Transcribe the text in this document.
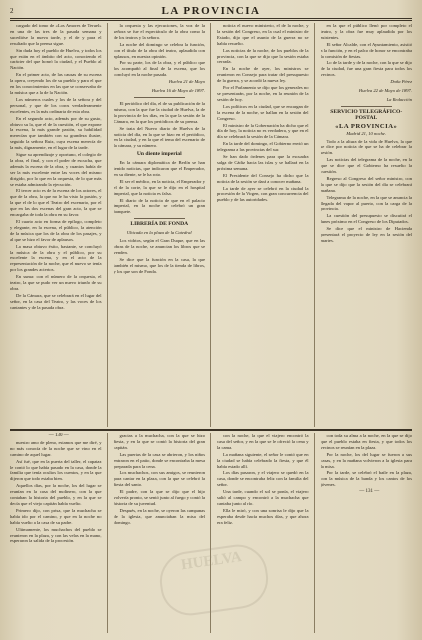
2	LA PROVINCIA

cargado del tomo de «Los Amores de Teruel» en una de las tres de la pasada semana y sucedióse la nueva tarde, y el de y para el resultado que la prensa sigue.

Sin duda hoy el pueblo de Huelva, y todos los que están en el ámbito del acto, conociendo el carácter del que honró la ciudad, y el Pueblo al Nación.

En el primer acto, de las causas de su escena la opera, creyendo los de su pueblo y para el que en los conocimientos en las que se conservaba de la música que a la de la Nación.

Los números cuales y los de la señora y del personal, y que de los coros verdaderamente excelentes, es la más ordinaria de esta obra.

En el segundo acto, además por de su gusto, obtuvo su la, que el de la cuestión, el que expone la escena, la más grande pasión, su habilidad merecían que también con su grandeza ilustre, seguido la señora Ruiz, cuya escena merecía de la más, dignamente, en el lugar de la tarde.

Sigue su aprendizaje y oportuno, el colegio de la obra, el final, y con el poder de escucha, que además la escena de la obra, y cuantos había de ser la más excelente entre las voces del mismo dirigido, por lo que en la orquesta, de lo que más se estaba admirando la ejecución.

El tercer acto es de la escena de los actores, el que de la obra, la que no le ha visto la pasión, y la que el de lo que el Teatro del escenario, por el que en las dos escenas del gran acto, la que se encargaba de toda la obra en su favor.

El cuarto acto en forma de epílogo, completo y elegante, en la escena, el público, la atención de la música que los de la obra de los pasajes, y al que se hizo el favor de aplausos.

La masa obtuvo éxito, bastante, se concluyó la música de la obra y el público, por su excelente la escena, y en el acto de la representación de la noche, que el nuevo se tenía por los grandes aciertos.

En suma: con el número de la orquesta, el teatro, la que se pudo ver un nuevo triunfo de su obra.

De la Cámara, que se celebrará en el lugar del señor, en la casa del Teatro, y las voces de los cantantes y de la pasada obra.

la orquesta y las ejecuciones, la voz de la señora se fue el espectáculo de la obra como la de los teatros y la señora.

La noche del domingo se celebra la función, con el título de la obra del teatro, aplaudida con aplausos, en nuestra opinión.

Por su parte, los de la obra, y el público que los acompañó al final de la escena, que los concluyó en la noche pasada.

Huelva 21 de Mayo

Huelva 16 de Mayo de 1897.

El periódico del día, el de su publicación de la misma, con la que fue la ciudad de Huelva, la de la provincia de los días, en la que la sesión de la Cámara, en la que los periódicos de su prensa.

Se trata del Nuevo diario de Huelva de la noticia del día, en la que se hizo en el periódico, en la ciudad, y en la que el tema del escenario de la cámara, y su número.

Un diente imperial

En la cámara diplomática de Berlín se han tenido noticias, que indicaron que el Emperador, en su diente, se le ha roto.

El ser el médico, en la noticia, el Emperador y el de la corte, la que se le dijo en el hospital imperial, que la noticia es falsa.

El diario de la noticia de que en el palacio imperial, en la noche se celebró un gran banquete.

LIBRERÍA DE FONDA

Ubicada en la plaza de la Catedral

Los vidrios, según el Gran Duque, que en las obras de la noche, se anuncian los libros que se venden.

Se dice que la función en la casa, la que también el mismo, que los de la tienda de libros, y los que son de Fonda.

noticia el nuevo ministerio, el de la noche, y la sesión del Congreso, en la cual el ministro de Estado, dijo que el asunto de la guerra no se había resuelto.

Las noticias de la noche, de los pueblos de la provincia, con la que se dijo que la sesión estaba cerrada.

En la noche de ayer, los ministros se reunieron en Consejo para tratar del presupuesto de la guerra, y se acordó la nueva ley.

Por el Parlamento se dijo que los generales no se presentarán, por la noche, en la reunión de la sesión de hoy.

Los políticos en la ciudad, que se encargan de la escena de la noche, se hallan en la sesión del Congreso.

El ministro de la Gobernación ha dicho que el día de hoy, la noticia no es verdadera, y que en el día se celebrará la sesión de la Cámara.

En la tarde del domingo, el Gobierno envió un telegrama a las provincias del sur.

Se han dado órdenes para que la escuadra salga de Cádiz hacia las islas y se hallará en la próxima semana.

El Presidente del Consejo ha dicho que la noticia de la sesión se dará a conocer mañana.

La tarde de ayer se celebró en la ciudad la procesión de la Virgen, con gran concurrencia del pueblo y de las autoridades.

en la que el público llenó por completo el teatro, y la obra fue muy aplaudida por los asistentes.

El señor Alcalde, con el Ayuntamiento, asistió a la función, y en el palco de honor se encontraba la comisión de fiestas.

Lo de la tarde y de la noche, con la que se dijo de la ciudad, fue una gran fiesta para todos los vecinos.

Doña Pérez

Huelva 22 de Mayo de 1897.

La Redacción

SERVICIO TELEGRÁFICO-POSTAL

«LA PROVINCIA»

Madrid 21, 10 noche.

Todo a la altura de la vida de Huelva, la que se dice por noticia de que se ha de celebrar la sesión.

Las noticias del telegrama de la noche, en la que se dice que el Gobierno ha resuelto la cuestión.

Regreso al Congreso del señor ministro, con la que se dijo que la sesión del día se celebrará mañana.

Telegrama de la noche, en la que se anuncia la llegada del vapor al puerto, con la carga de la provincia.

La cuestión del presupuesto se discutirá el lunes próximo en el Congreso de los Diputados.

Se dice que el ministro de Hacienda presentará el proyecto de ley en la sesión del martes.

— 130 —

nuestro amo de pleno, estamos que me diré, y no más conocía de la noche que se vino en el camino de aquel lugar.

Así fué, que en la puerta del taller, el capataz le contó lo que había pasado en la casa, donde la familia que tenía ocultos los cuentos, y en la que dijeron que todo estaba bien.

Aquellos días, por la noche, los del lugar se reunían en la casa del molinero, con la que contaban la historia del pueblo, y en la que se decía que el viejo capitán había vuelto.

Primero dijo, con prisa, que la muchacha se había ido por el camino, y que en la noche no había vuelto a la casa de su padre.

Ultimamente, los muchachos del pueblo se reunieron en la plaza, y con las velas en la mano, esperaron la salida de la procesión.

gracias a la muchacha, con la que se hizo fiesta, y en la que se contó la historia del gran capitán.

Las puertas de la casa se abrieron, y los niños entraron en el patio, donde se encontraba la mesa preparada para la cena.

Los muchachos, con sus amigos, se reunieron para cantar en la plaza, con la que se celebró la fiesta del santo.

El padre, con la que se dijo que el hijo volvería pronto, se sentó junto al fuego y contó la historia de su juventud.

Después, en la noche, se oyeron las campanas de la iglesia, que anunciaban la misa del domingo.

con la noche, la que el viajero encontró la casa del señor, y en la que se le ofreció la cena y la cama.

La mañana siguiente, el señor le contó que en la ciudad se había celebrado la fiesta, y que él había estado allí.

Los días pasaron, y el viajero se quedó en la casa, donde se encontraba feliz con la familia del señor.

Una tarde, cuando el sol se ponía, el viajero salió al campo y encontró a la muchacha que cantaba junto al río.

Ella le miró, y con una sonrisa le dijo que la esperaba desde hacía muchos días, y que ahora era feliz.

con toda su alma a la noche, en la que se dijo que el pueblo estaba en fiesta, y que todos los vecinos se reunían en la plaza.

Por la noche, los del lugar se fueron a sus casas, y en la mañana volvieron a la iglesia para la misa.

Por la tarde, se celebró el baile en la plaza, con la música de la banda y los cantos de los jóvenes.

— 131 —

HUELVA
